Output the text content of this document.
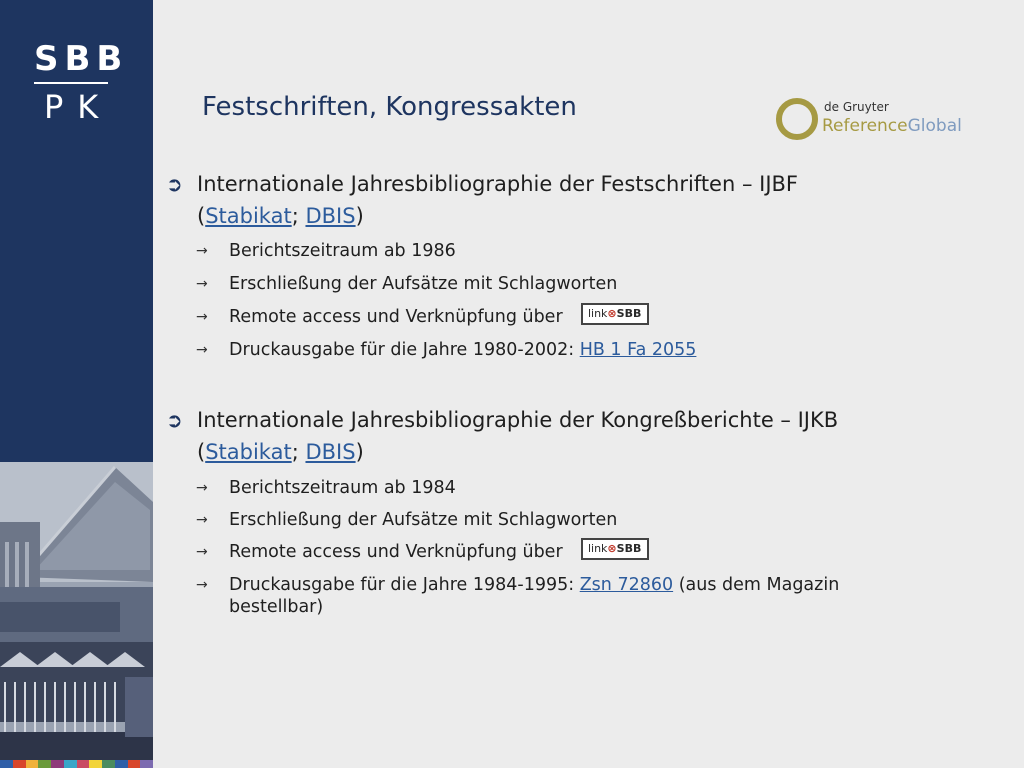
SBB
PK	Festschriften, Kongressakten	de Gruyter
ReferenceGlobal
➲ Internationale Jahresbibliographie der Festschriften – IJBF
(Stabikat; DBIS)
→	Berichtszeitraum ab 1986
→	Erschließung der Aufsätze mit Schlagworten
→	Remote access und Verknüpfung über link⊗SBB
→	Druckausgabe für die Jahre 1980-2002: HB 1 Fa 2055
➲ Internationale Jahresbibliographie der Kongreßberichte – IJKB
(Stabikat; DBIS)
→	Berichtszeitraum ab 1984
→	Erschließung der Aufsätze mit Schlagworten
→	Remote access und Verknüpfung über link⊗SBB
→	Druckausgabe für die Jahre 1984-1995: Zsn 72860 (aus dem Magazin
bestellbar)
